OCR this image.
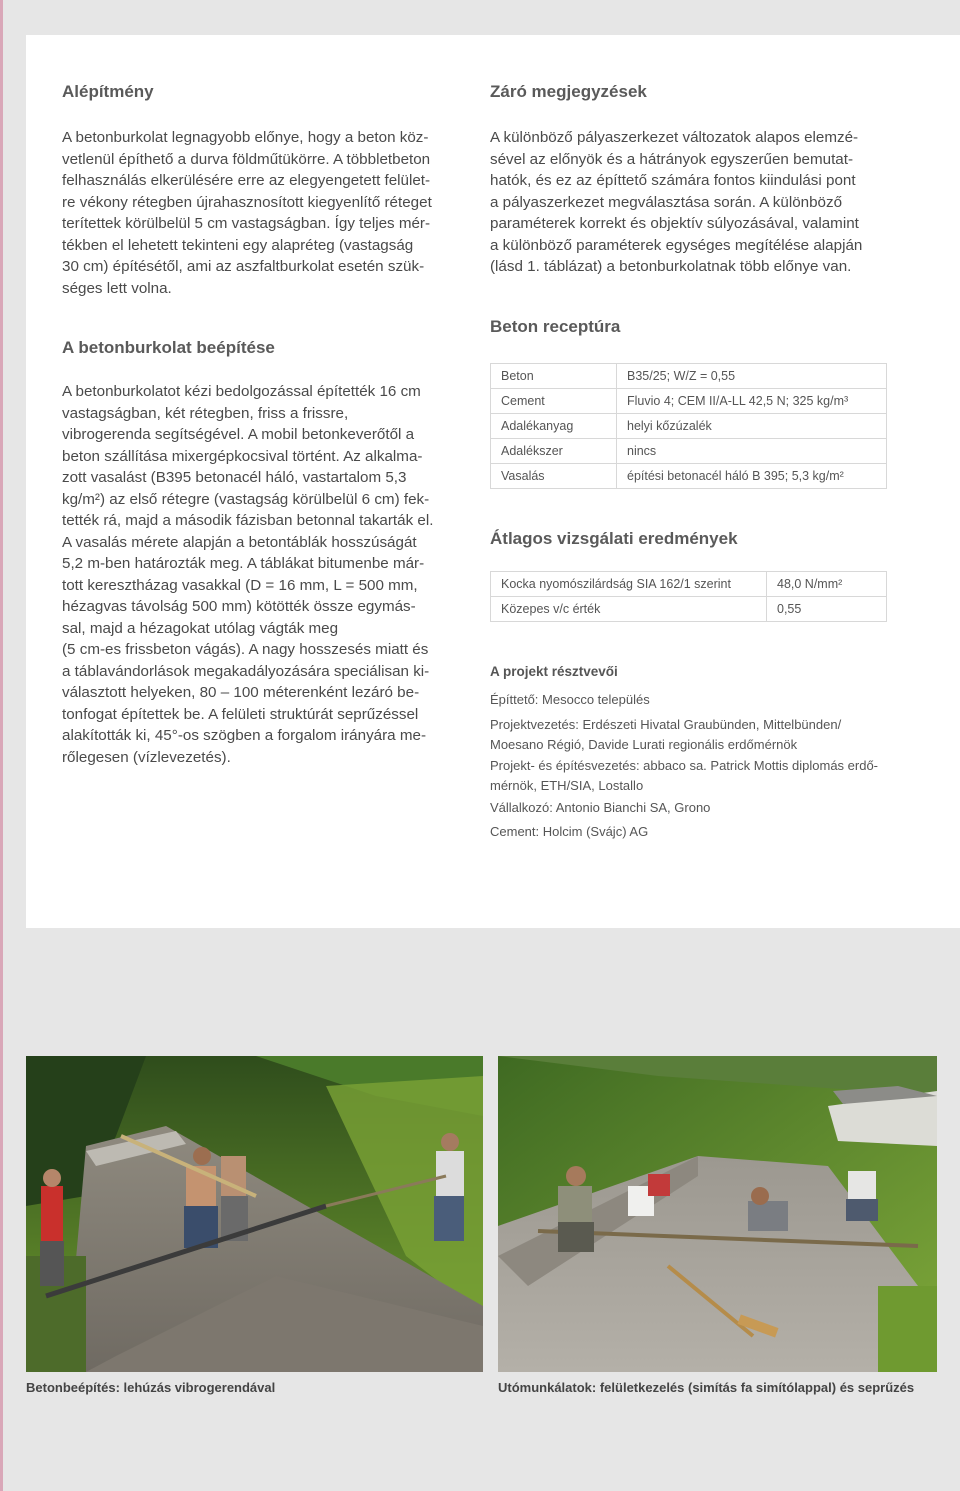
Alépítmény

A betonburkolat legnagyobb előnye, hogy a beton köz-
vetlenül építhető a durva földműtükörre. A többletbeton
felhasználás elkerülésére erre az elegyengetett felület-
re vékony rétegben újrahasznosított kiegyenlítő réteget
terítettek körülbelül 5 cm vastagságban. Így teljes mér-
tékben el lehetett tekinteni egy alapréteg (vastagság
30 cm) építésétől, ami az aszfaltburkolat esetén szük-
séges lett volna.

A betonburkolat beépítése

A betonburkolatot kézi bedolgozással építették 16 cm
vastagságban, két rétegben, friss a frissre,
vibrogerenda segítségével. A mobil betonkeverőtől a
beton szállítása mixergépkocsival történt. Az alkalma-
zott vasalást (B395 betonacél háló, vastartalom 5,3
kg/m²) az első rétegre (vastagság körülbelül 6 cm) fek-
tették rá, majd a második fázisban betonnal takarták el.
A vasalás mérete alapján a betontáblák hosszúságát
5,2 m-ben határozták meg. A táblákat bitumenbe már-
tott keresztházag vasakkal (D = 16 mm, L = 500 mm,
hézagvas távolság 500 mm) kötötték össze egymás-
sal, majd a hézagokat utólag vágták meg
(5 cm-es frissbeton vágás). A nagy hosszesés miatt és
a táblavándorlások megakadályozására speciálisan ki-
választott helyeken, 80 – 100 méterenként lezáró be-
tonfogat építettek be. A felületi struktúrát seprűzéssel
alakították ki, 45°-os szögben a forgalom irányára me-
rőlegesen (vízlevezetés).

Záró megjegyzések

A különböző pályaszerkezet változatok alapos elemzé-
sével az előnyök és a hátrányok egyszerűen bemutat-
hatók, és ez az építtető számára fontos kiindulási pont
a pályaszerkezet megválasztása során. A különböző
paraméterek korrekt és objektív súlyozásával, valamint
a különböző paraméterek egységes megítélése alapján
(lásd 1. táblázat) a betonburkolatnak több előnye van.

Beton receptúra
Beton	B35/25; W/Z = 0,55
Cement	Fluvio 4; CEM II/A-LL 42,5 N; 325 kg/m³
Adalékanyag	helyi kőzúzalék
Adalékszer	nincs
Vasalás	építési betonacél háló B 395; 5,3 kg/m²
Átlagos vizsgálati eredmények
Kocka nyomószilárdság SIA 162/1 szerint	48,0 N/mm²
Közepes v/c érték	0,55
A projekt résztvevői

Építtető: Mesocco település

Projektvezetés: Erdészeti Hivatal Graubünden, Mittelbünden/
Moesano Régió, Davide Lurati regionális erdőmérnök

Projekt- és építésvezetés: abbaco sa. Patrick Mottis diplomás erdő-
mérnök, ETH/SIA, Lostallo

Vállalkozó: Antonio Bianchi SA, Grono

Cement: Holcim (Svájc) AG

Betonbeépítés: lehúzás vibrogerendával	Utómunkálatok: felületkezelés (simítás fa simítólappal) és seprűzés
